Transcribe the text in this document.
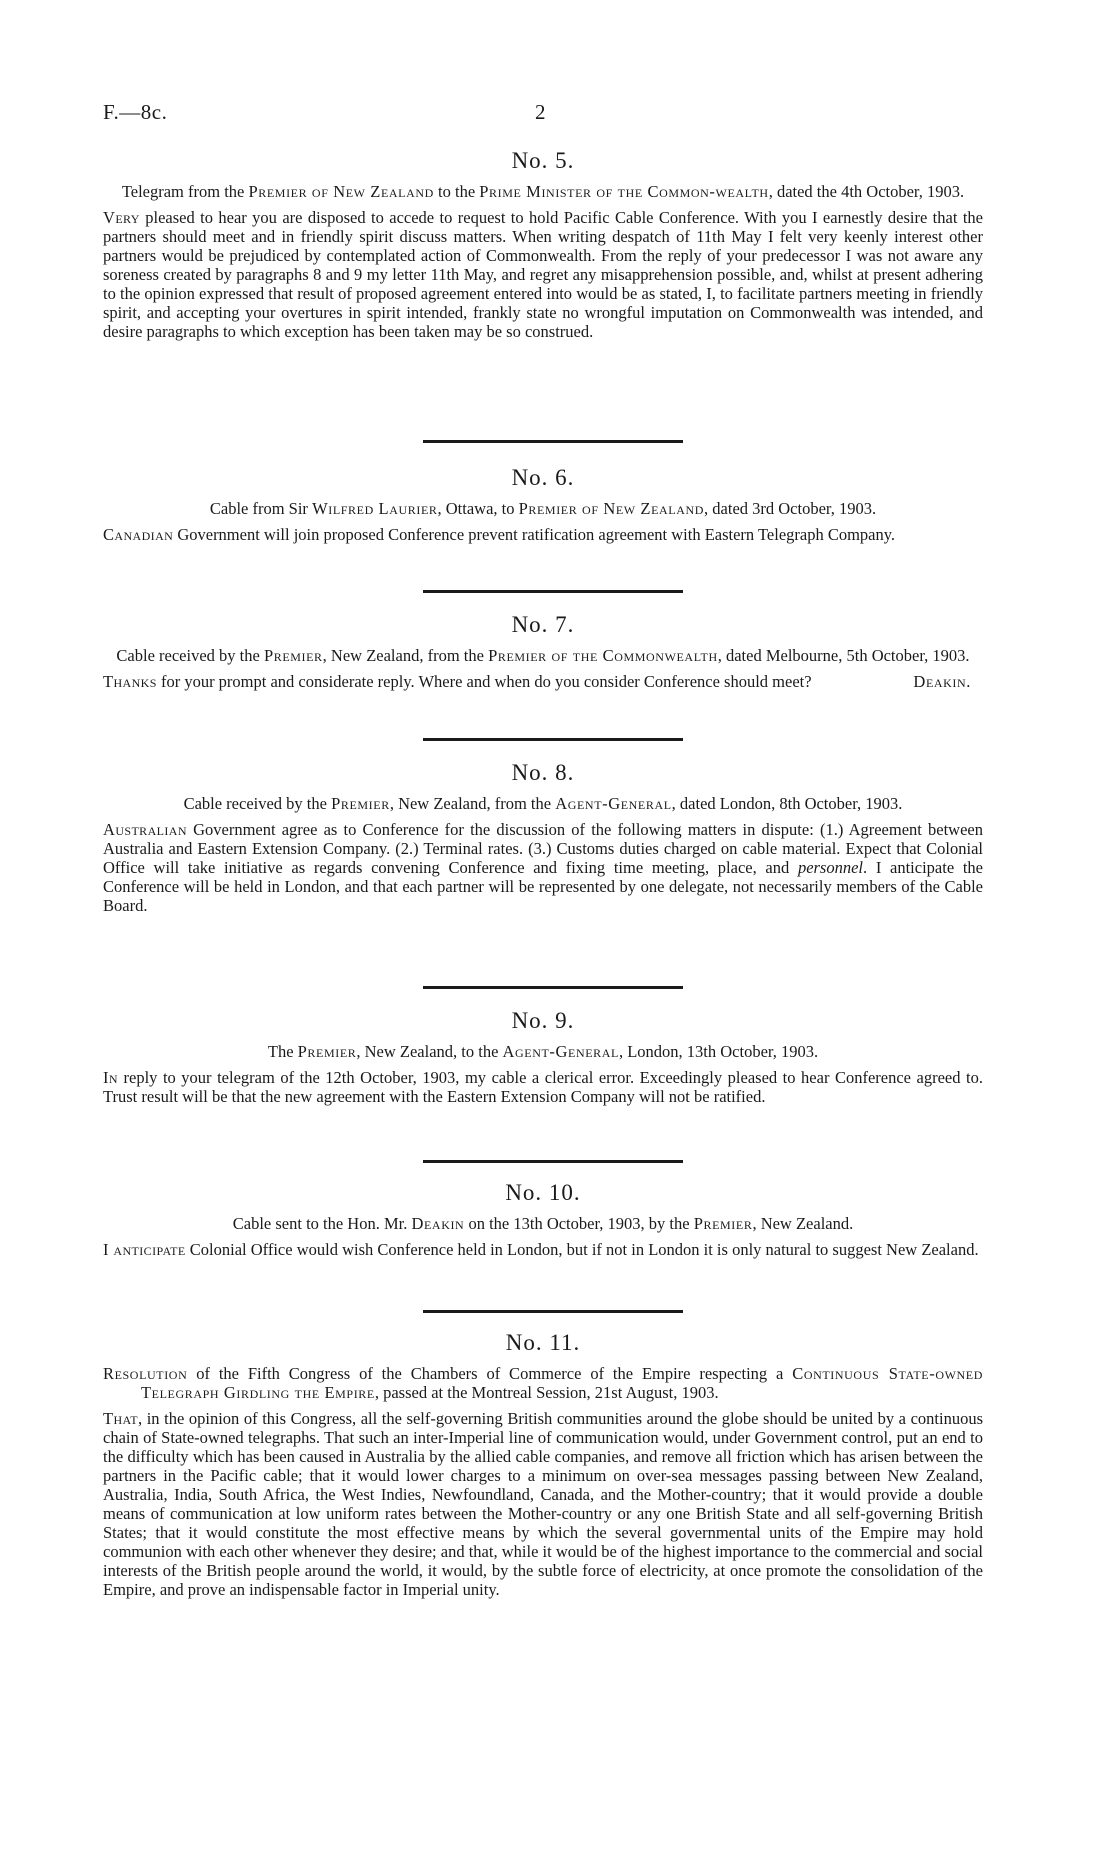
F.—8c.	2
No. 5.
Telegram from the Premier of New Zealand to the Prime Minister of the Common-wealth, dated the 4th October, 1903.
Very pleased to hear you are disposed to accede to request to hold Pacific Cable Conference. With you I earnestly desire that the partners should meet and in friendly spirit discuss matters. When writing despatch of 11th May I felt very keenly interest other partners would be prejudiced by contemplated action of Commonwealth. From the reply of your predecessor I was not aware any soreness created by paragraphs 8 and 9 my letter 11th May, and regret any misapprehension possible, and, whilst at present adhering to the opinion expressed that result of proposed agreement entered into would be as stated, I, to facilitate partners meeting in friendly spirit, and accepting your overtures in spirit intended, frankly state no wrongful imputation on Commonwealth was intended, and desire paragraphs to which exception has been taken may be so construed.
No. 6.
Cable from Sir Wilfred Laurier, Ottawa, to Premier of New Zealand, dated 3rd October, 1903.
Canadian Government will join proposed Conference prevent ratification agreement with Eastern Telegraph Company.
No. 7.
Cable received by the Premier, New Zealand, from the Premier of the Commonwealth, dated Melbourne, 5th October, 1903.
Thanks for your prompt and considerate reply. Where and when do you consider Conference should meet?	Deakin.
No. 8.
Cable received by the Premier, New Zealand, from the Agent-General, dated London, 8th October, 1903.
Australian Government agree as to Conference for the discussion of the following matters in dispute: (1.) Agreement between Australia and Eastern Extension Company. (2.) Terminal rates. (3.) Customs duties charged on cable material. Expect that Colonial Office will take initiative as regards convening Conference and fixing time meeting, place, and personnel. I anticipate the Conference will be held in London, and that each partner will be represented by one delegate, not necessarily members of the Cable Board.
No. 9.
The Premier, New Zealand, to the Agent-General, London, 13th October, 1903.
In reply to your telegram of the 12th October, 1903, my cable a clerical error. Exceedingly pleased to hear Conference agreed to. Trust result will be that the new agreement with the Eastern Extension Company will not be ratified.
No. 10.
Cable sent to the Hon. Mr. Deakin on the 13th October, 1903, by the Premier, New Zealand.
I anticipate Colonial Office would wish Conference held in London, but if not in London it is only natural to suggest New Zealand.
No. 11.
Resolution of the Fifth Congress of the Chambers of Commerce of the Empire respecting a Continuous State-owned Telegraph Girdling the Empire, passed at the Montreal Session, 21st August, 1903.
That, in the opinion of this Congress, all the self-governing British communities around the globe should be united by a continuous chain of State-owned telegraphs. That such an inter-Imperial line of communication would, under Government control, put an end to the difficulty which has been caused in Australia by the allied cable companies, and remove all friction which has arisen between the partners in the Pacific cable; that it would lower charges to a minimum on over-sea messages passing between New Zealand, Australia, India, South Africa, the West Indies, Newfoundland, Canada, and the Mother-country; that it would provide a double means of communication at low uniform rates between the Mother-country or any one British State and all self-governing British States; that it would constitute the most effective means by which the several governmental units of the Empire may hold communion with each other whenever they desire; and that, while it would be of the highest importance to the commercial and social interests of the British people around the world, it would, by the subtle force of electricity, at once promote the consolidation of the Empire, and prove an indispensable factor in Imperial unity.
